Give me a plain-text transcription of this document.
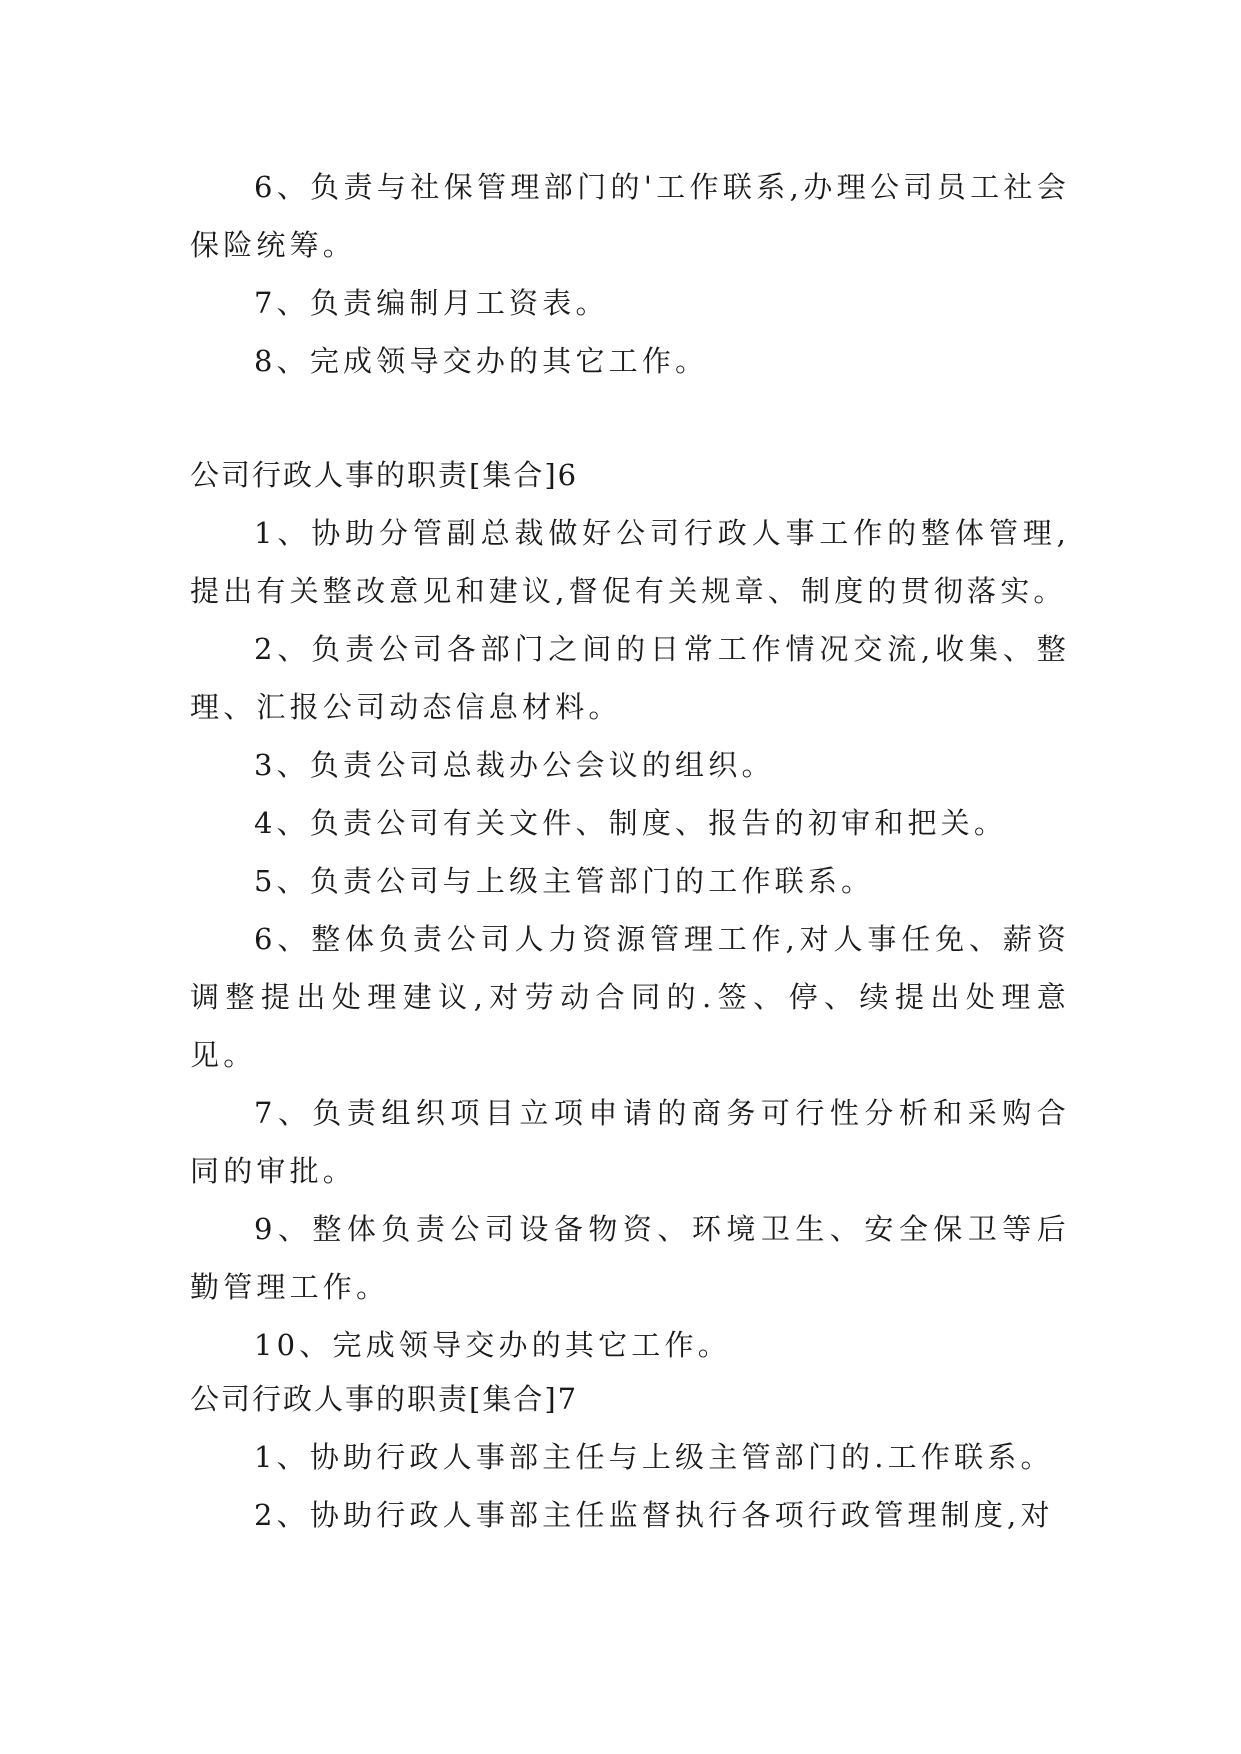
6、负责与社保管理部门的'工作联系,办理公司员工社会保险统筹。

7、负责编制月工资表。

8、完成领导交办的其它工作。

公司行政人事的职责[集合]6

1、协助分管副总裁做好公司行政人事工作的整体管理,提出有关整改意见和建议,督促有关规章、制度的贯彻落实。

2、负责公司各部门之间的日常工作情况交流,收集、整理、汇报公司动态信息材料。

3、负责公司总裁办公会议的组织。

4、负责公司有关文件、制度、报告的初审和把关。

5、负责公司与上级主管部门的工作联系。

6、整体负责公司人力资源管理工作,对人事任免、薪资调整提出处理建议,对劳动合同的.签、停、续提出处理意见。

7、负责组织项目立项申请的商务可行性分析和采购合同的审批。

9、整体负责公司设备物资、环境卫生、安全保卫等后勤管理工作。

10、完成领导交办的其它工作。

公司行政人事的职责[集合]7

1、协助行政人事部主任与上级主管部门的.工作联系。

2、协助行政人事部主任监督执行各项行政管理制度,对
